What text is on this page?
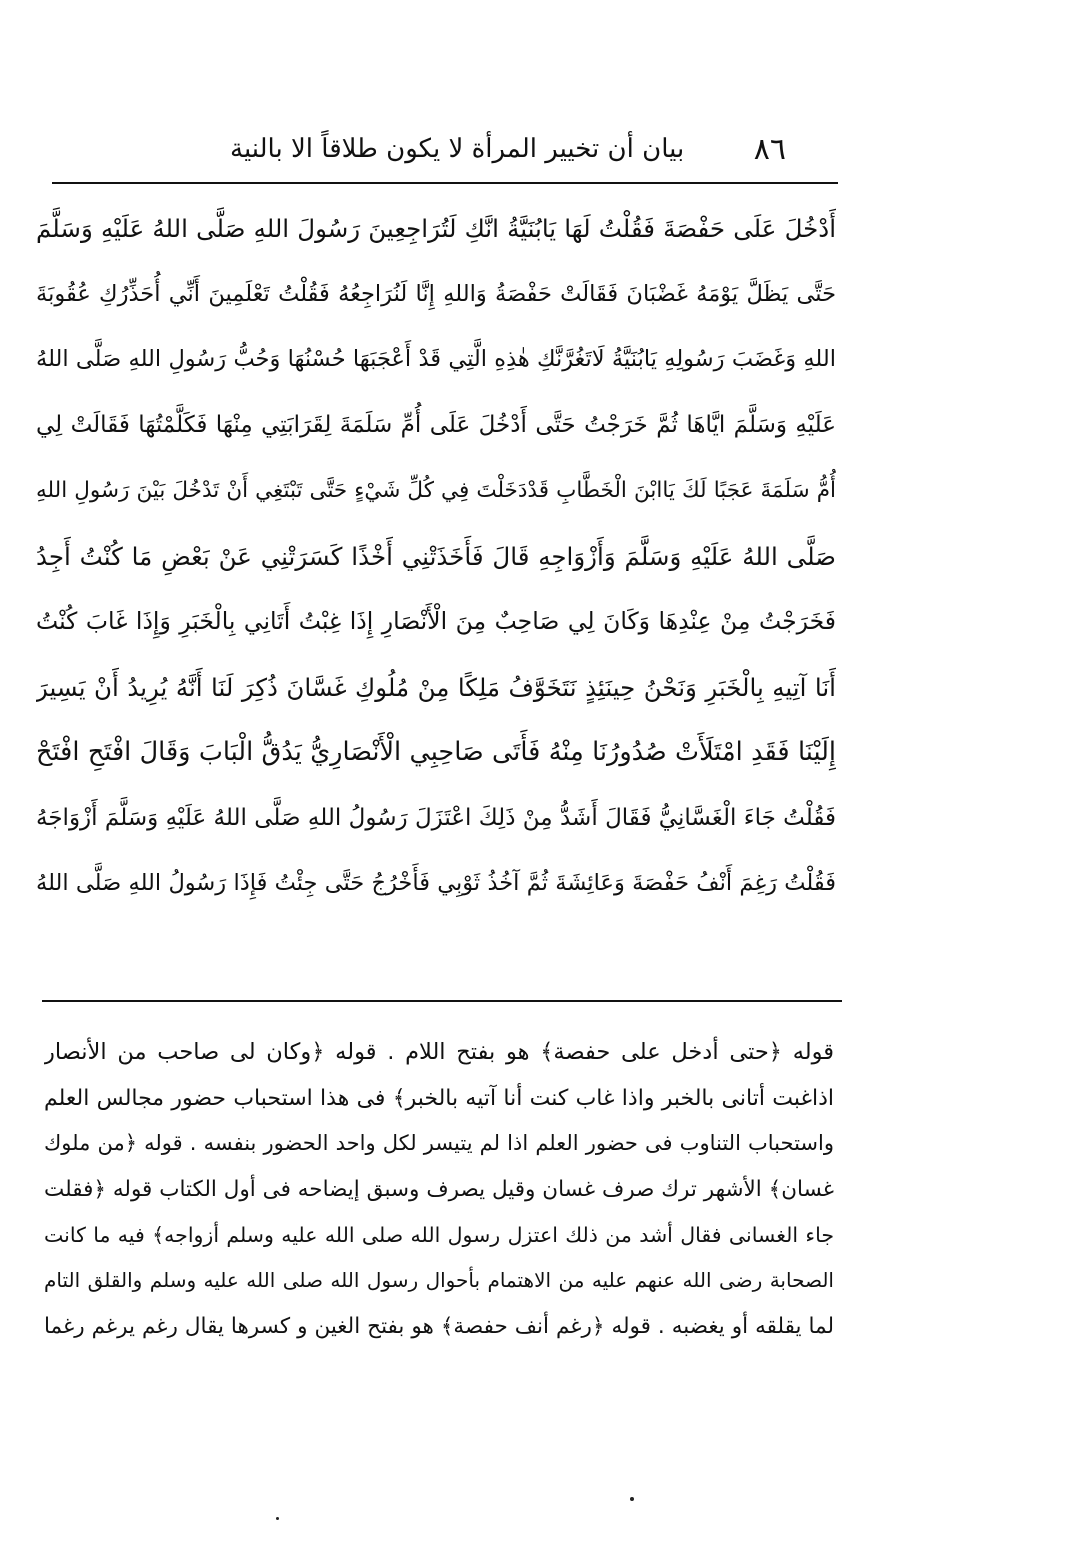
٨٦
بيان أن تخيير المرأة لا يكون طلاقاً الا بالنية
أَدْخُلَ عَلَى حَفْصَةَ فَقُلْتُ لَهَا يَابُنَيَّةُ انَّكِ لَتُرَاجِعِينَ رَسُولَ اللهِ صَلَّى اللهُ عَلَيْهِ وَسَلَّمَ
حَتَّى يَظَلَّ يَوْمَهُ غَضْبَانَ فَقَالَتْ حَفْصَةُ وَاللهِ إِنَّا لَنُرَاجِعُهُ فَقُلْتُ تَعْلَمِينَ أَنِّي أُحَذِّرُكِ عُقُوبَةَ
اللهِ وَغَضَبَ رَسُولِهِ يَابُنَيَّةُ لَاتَغُرَّنَّكِ هٰذِهِ الَّتِي قَدْ أَعْجَبَهَا حُسْنُهَا وَحُبُّ رَسُولِ اللهِ صَلَّى اللهُ
عَلَيْهِ وَسَلَّمَ ايَّاهَا ثُمَّ خَرَجْتُ حَتَّى أَدْخُلَ عَلَى أُمِّ سَلَمَةَ لِقَرَابَتِي مِنْهَا فَكَلَّمْتُهَا فَقَالَتْ لِي
أُمُّ سَلَمَةَ عَجَبًا لَكَ يَاابْنَ الْخَطَّابِ قَدْدَخَلْتَ فِي كُلِّ شَيْءٍ حَتَّى تَبْتَغِي أَنْ تَدْخُلَ بَيْنَ رَسُولِ اللهِ
صَلَّى اللهُ عَلَيْهِ وَسَلَّمَ وَأَزْوَاجِهِ قَالَ فَأَخَذَتْنِي أَخْذًا كَسَرَتْنِي عَنْ بَعْضِ مَا كُنْتُ أَجِدُ
فَخَرَجْتُ مِنْ عِنْدِهَا وَكَانَ لِي صَاحِبٌ مِنَ الْأَنْصَارِ إِذَا غِبْتُ أَتَانِي بِالْخَبَرِ وَإِذَا غَابَ كُنْتُ
أَنَا آتِيهِ بِالْخَبَرِ وَنَحْنُ حِينَئِذٍ نَتَخَوَّفُ مَلِكًا مِنْ مُلُوكِ غَسَّانَ ذُكِرَ لَنَا أَنَّهُ يُرِيدُ أَنْ يَسِيرَ
إِلَيْنَا فَقَدِ امْتَلَأَتْ صُدُورُنَا مِنْهُ فَأَتَى صَاحِبِي الْأَنْصَارِيُّ يَدُقُّ الْبَابَ وَقَالَ افْتَحِ افْتَحْ
فَقُلْتُ جَاءَ الْغَسَّانِيُّ فَقَالَ أَشَدُّ مِنْ ذَلِكَ اعْتَزَلَ رَسُولُ اللهِ صَلَّى اللهُ عَلَيْهِ وَسَلَّمَ أَزْوَاجَهُ
فَقُلْتُ رَغِمَ أَنْفُ حَفْصَةَ وَعَائِشَةَ ثُمَّ آخُذُ ثَوْبِي فَأَخْرُجُ حَتَّى جِئْتُ فَإِذَا رَسُولُ اللهِ صَلَّى اللهُ
قوله ﴿حتى أدخل على حفصة﴾ هو بفتح اللام . قوله ﴿وكان لى صاحب من الأنصار
اذاغبت أتانى بالخبر واذا غاب كنت أنا آتيه بالخبر﴾ فى هذا استحباب حضور مجالس العلم
واستحباب التناوب فى حضور العلم اذا لم يتيسر لكل واحد الحضور بنفسه . قوله ﴿من ملوك
غسان﴾ الأشهر ترك صرف غسان وقيل يصرف وسبق إيضاحه فى أول الكتاب قوله ﴿فقلت
جاء الغسانى فقال أشد من ذلك اعتزل رسول الله صلى الله عليه وسلم أزواجه﴾ فيه ما كانت
الصحابة رضى الله عنهم عليه من الاهتمام بأحوال رسول الله صلى الله عليه وسلم والقلق التام
لما يقلقه أو يغضبه . قوله ﴿رغم أنف حفصة﴾ هو بفتح الغين و كسرها يقال رغم يرغم رغما
